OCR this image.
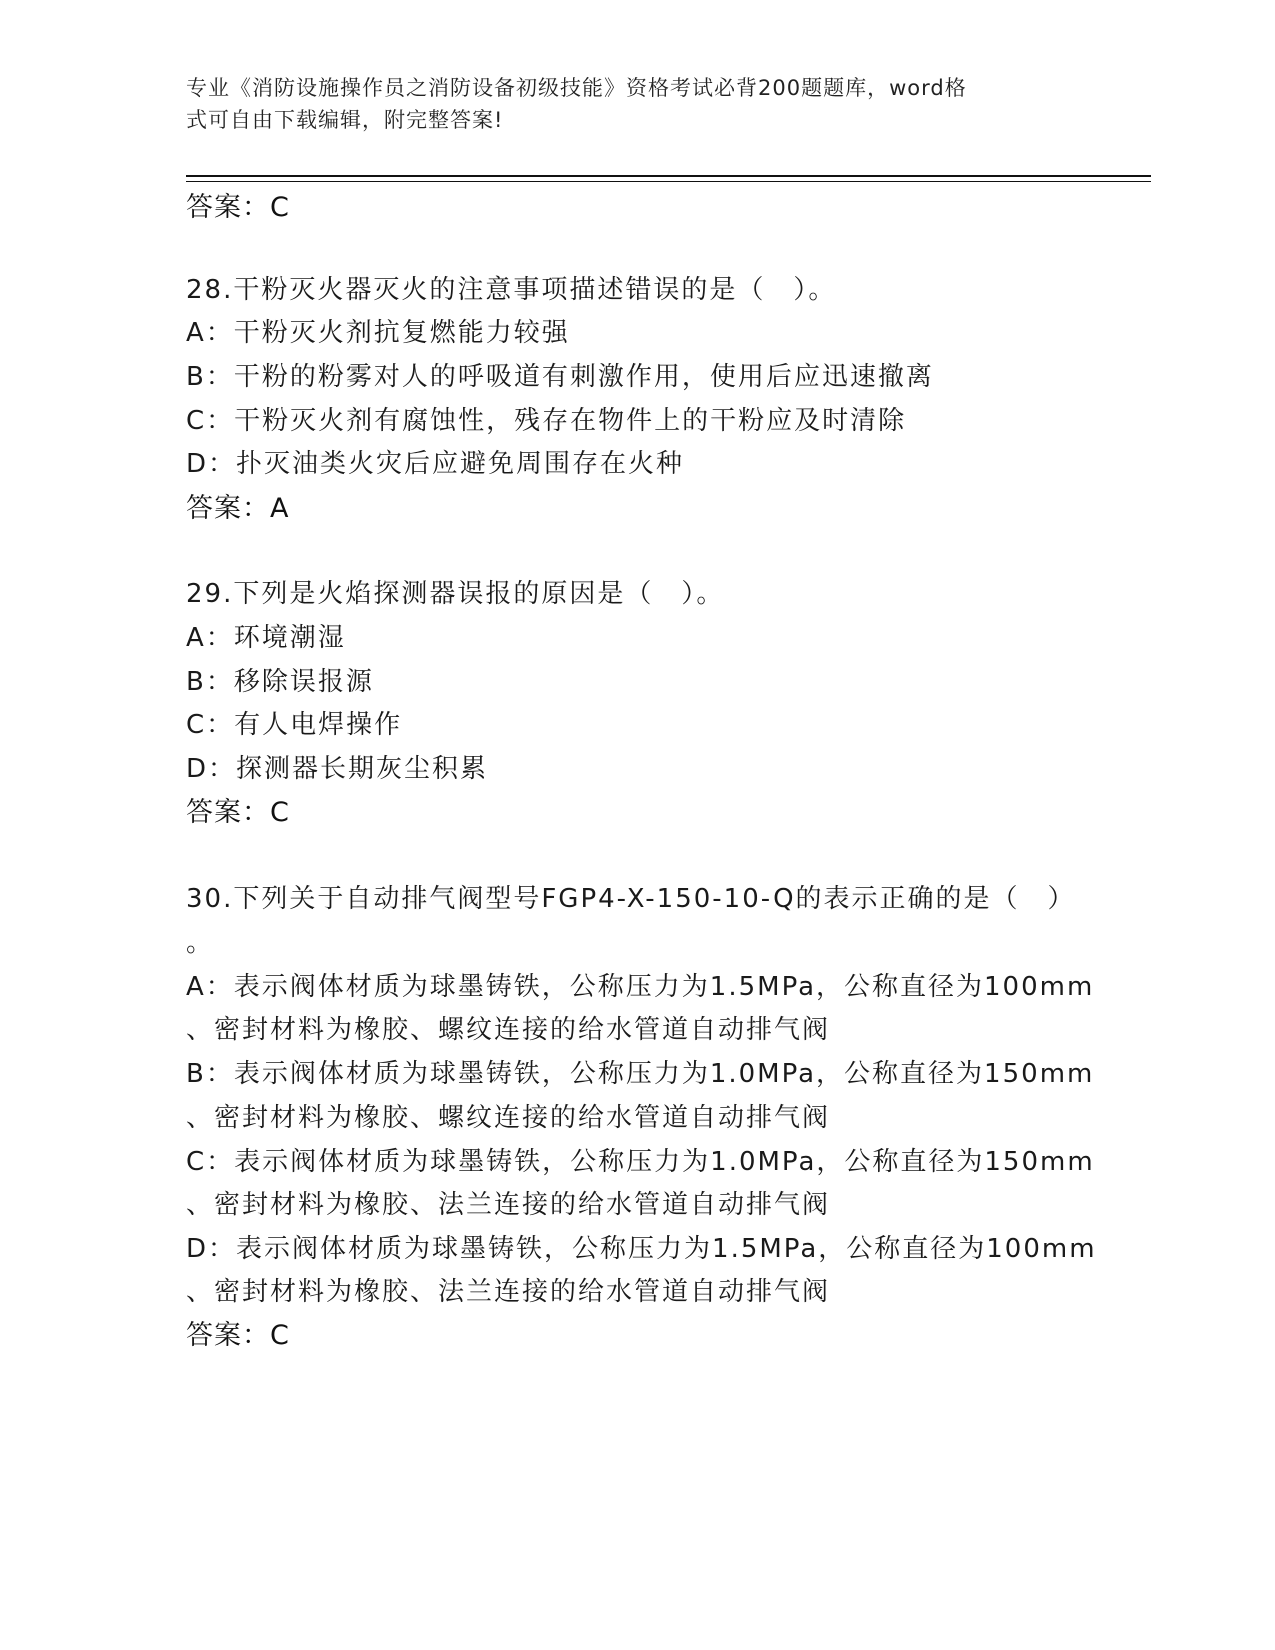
专业《消防设施操作员之消防设备初级技能》资格考试必背200题题库，word格
式可自由下载编辑，附完整答案!
答案：C
28.干粉灭火器灭火的注意事项描述错误的是（　）。
A：干粉灭火剂抗复燃能力较强
B：干粉的粉雾对人的呼吸道有刺激作用，使用后应迅速撤离
C：干粉灭火剂有腐蚀性，残存在物件上的干粉应及时清除
D：扑灭油类火灾后应避免周围存在火种
答案：A
29.下列是火焰探测器误报的原因是（　）。
A：环境潮湿
B：移除误报源
C：有人电焊操作
D：探测器长期灰尘积累
答案：C
30.下列关于自动排气阀型号FGP4-X-150-10-Q的表示正确的是（　）
。
A：表示阀体材质为球墨铸铁，公称压力为1.5MPa，公称直径为100mm
、密封材料为橡胶、螺纹连接的给水管道自动排气阀
B：表示阀体材质为球墨铸铁，公称压力为1.0MPa，公称直径为150mm
、密封材料为橡胶、螺纹连接的给水管道自动排气阀
C：表示阀体材质为球墨铸铁，公称压力为1.0MPa，公称直径为150mm
、密封材料为橡胶、法兰连接的给水管道自动排气阀
D：表示阀体材质为球墨铸铁，公称压力为1.5MPa，公称直径为100mm
、密封材料为橡胶、法兰连接的给水管道自动排气阀
答案：C
